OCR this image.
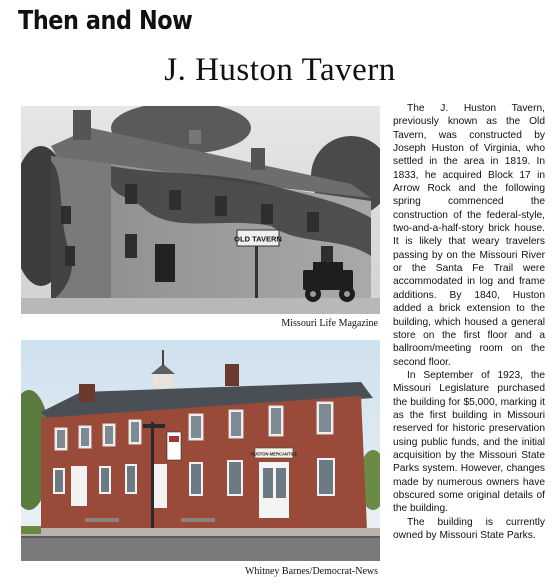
Then and Now
J. Huston Tavern
OLD TAVERN
Missouri Life Magazine
HUSTON MERCANTILE
Whitney Barnes/Democrat-News

The J. Huston Tavern, previously known as the Old Tavern, was constructed by Joseph Huston of Virginia, who settled in the area in 1819. In 1833, he acquired Block 17 in Arrow Rock and the following spring commenced the construction of the federal-style, two-and-a-half-story brick house. It is likely that weary travelers passing by on the Missouri River or the Santa Fe Trail were accommodated in log and frame additions. By 1840, Huston added a brick extension to the building, which housed a general store on the first floor and a ballroom/meeting room on the second floor.

In September of 1923, the Missouri Legislature purchased the building for $5,000, marking it as the first building in Missouri reserved for historic preservation using public funds, and the initial acquisition by the Missouri State Parks system. However, changes made by numerous owners have obscured some original details of the building.

The building is currently owned by Missouri State Parks.
